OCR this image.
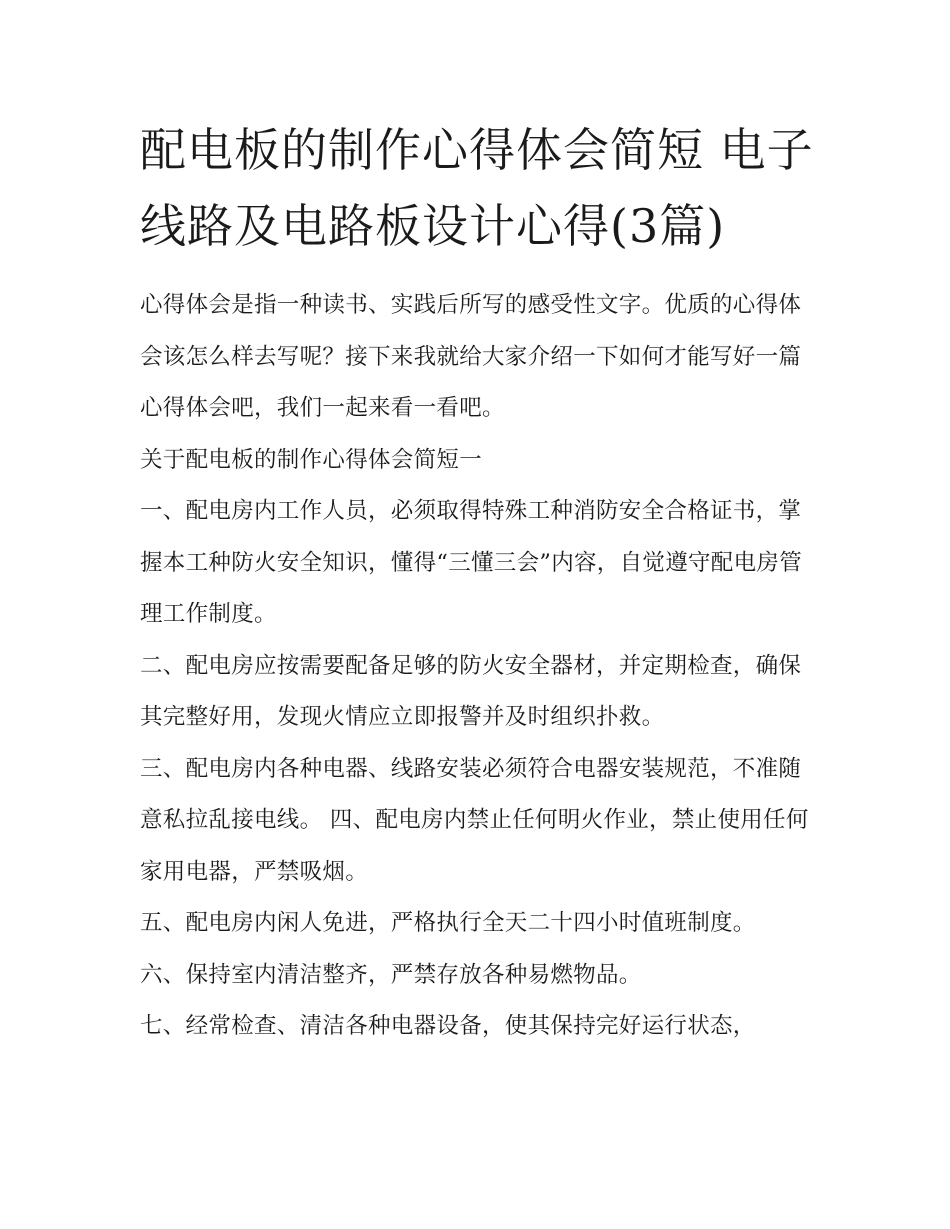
配电板的制作心得体会简短 电子线路及电路板设计心得(3篇)

心得体会是指一种读书、实践后所写的感受性文字。优质的心得体会该怎么样去写呢？接下来我就给大家介绍一下如何才能写好一篇心得体会吧，我们一起来看一看吧。

关于配电板的制作心得体会简短一

一、配电房内工作人员，必须取得特殊工种消防安全合格证书，掌握本工种防火安全知识，懂得“三懂三会”内容，自觉遵守配电房管理工作制度。

二、配电房应按需要配备足够的防火安全器材，并定期检查，确保其完整好用，发现火情应立即报警并及时组织扑救。

三、配电房内各种电器、线路安装必须符合电器安装规范，不准随意私拉乱接电线。 四、配电房内禁止任何明火作业，禁止使用任何家用电器，严禁吸烟。

五、配电房内闲人免进，严格执行全天二十四小时值班制度。

六、保持室内清洁整齐，严禁存放各种易燃物品。

七、经常检查、清洁各种电器设备，使其保持完好运行状态，
